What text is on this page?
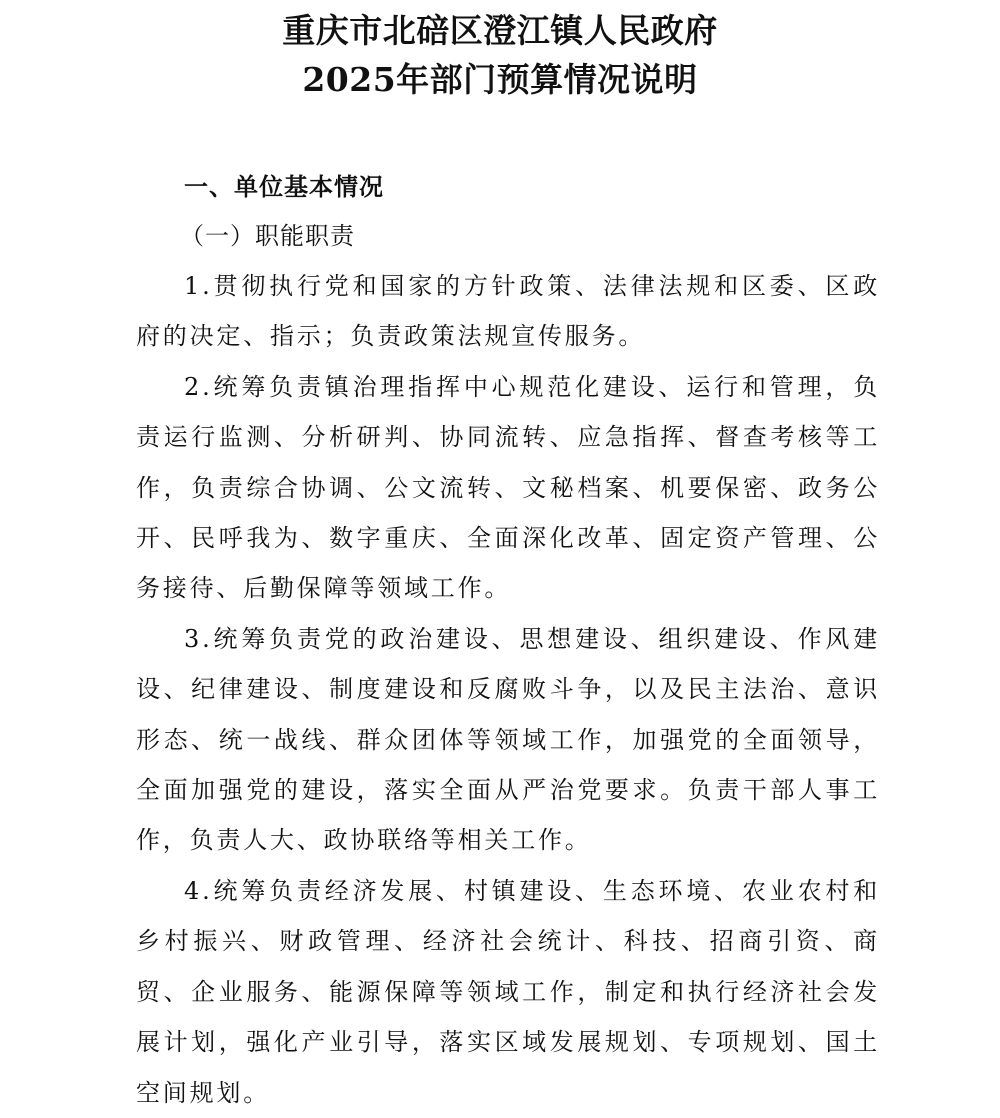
重庆市北碚区澄江镇人民政府
2025年部门预算情况说明
一、单位基本情况
（一）职能职责

1.贯彻执行党和国家的方针政策、法律法规和区委、区政府的决定、指示；负责政策法规宣传服务。

2.统筹负责镇治理指挥中心规范化建设、运行和管理，负责运行监测、分析研判、协同流转、应急指挥、督查考核等工作，负责综合协调、公文流转、文秘档案、机要保密、政务公开、民呼我为、数字重庆、全面深化改革、固定资产管理、公务接待、后勤保障等领域工作。

3.统筹负责党的政治建设、思想建设、组织建设、作风建设、纪律建设、制度建设和反腐败斗争，以及民主法治、意识形态、统一战线、群众团体等领域工作，加强党的全面领导，全面加强党的建设，落实全面从严治党要求。负责干部人事工作，负责人大、政协联络等相关工作。

4.统筹负责经济发展、村镇建设、生态环境、农业农村和乡村振兴、财政管理、经济社会统计、科技、招商引资、商贸、企业服务、能源保障等领域工作，制定和执行经济社会发展计划，强化产业引导，落实区域发展规划、专项规划、国土空间规划。
